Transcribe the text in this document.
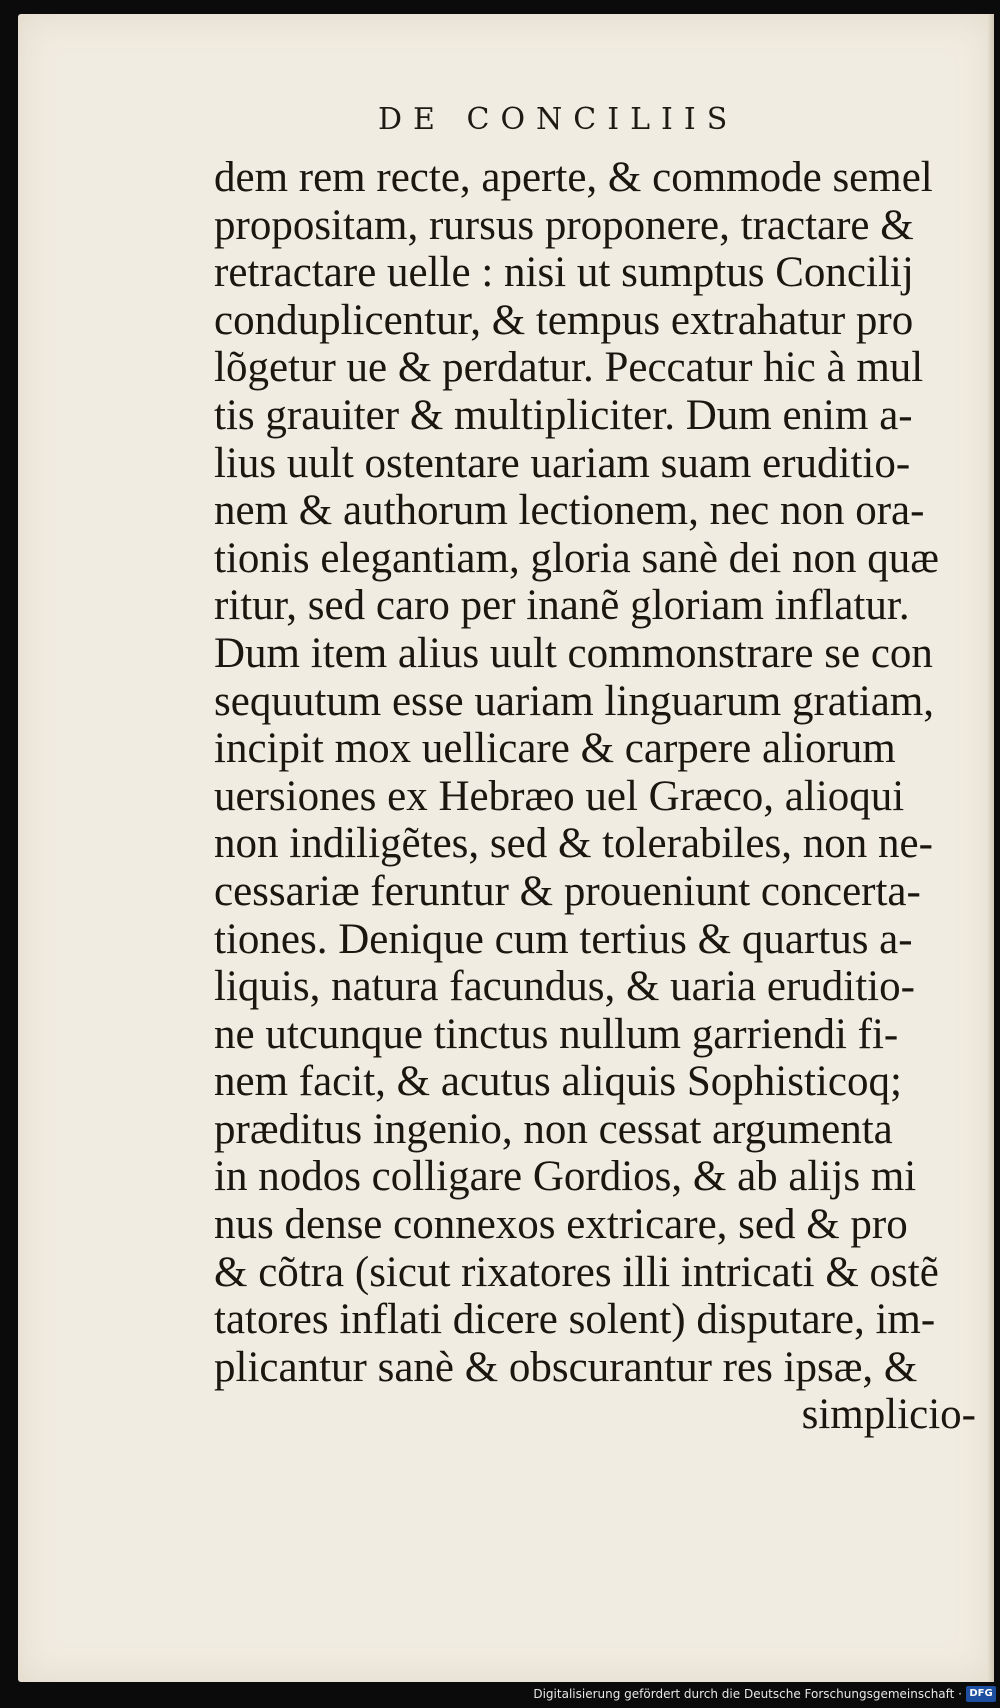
DE CONCILIIS
dem rem recte, aperte, & commode semel
propositam, rursus proponere, tractare &
retractare uelle : nisi ut sumptus Concilij
conduplicentur, & tempus extrahatur pro
lõgetur ue & perdatur. Peccatur hic à mul
tis grauiter & multipliciter. Dum enim a-
lius uult ostentare uariam suam eruditio-
nem & authorum lectionem, nec non ora-
tionis elegantiam, gloria sanè dei non quæ
ritur, sed caro per inanẽ gloriam inflatur.
Dum item alius uult commonstrare se con
sequutum esse uariam linguarum gratiam,
incipit mox uellicare & carpere aliorum
uersiones ex Hebræo uel Græco, alioqui
non indiligẽtes, sed & tolerabiles, non ne-
cessariæ feruntur & proueniunt concerta-
tiones. Denique cum tertius & quartus a-
liquis, natura facundus, & uaria eruditio-
ne utcunque tinctus nullum garriendi fi-
nem facit, & acutus aliquis Sophisticoq;
præditus ingenio, non cessat argumenta
in nodos colligare Gordios, & ab alijs mi
nus dense connexos extricare, sed & pro
& cõtra (sicut rixatores illi intricati & ostẽ
tatores inflati dicere solent) disputare, im-
plicantur sanè & obscurantur res ipsæ, &
simplicio-
Digitalisierung gefördert durch die Deutsche Forschungsgemeinschaft · DFG
